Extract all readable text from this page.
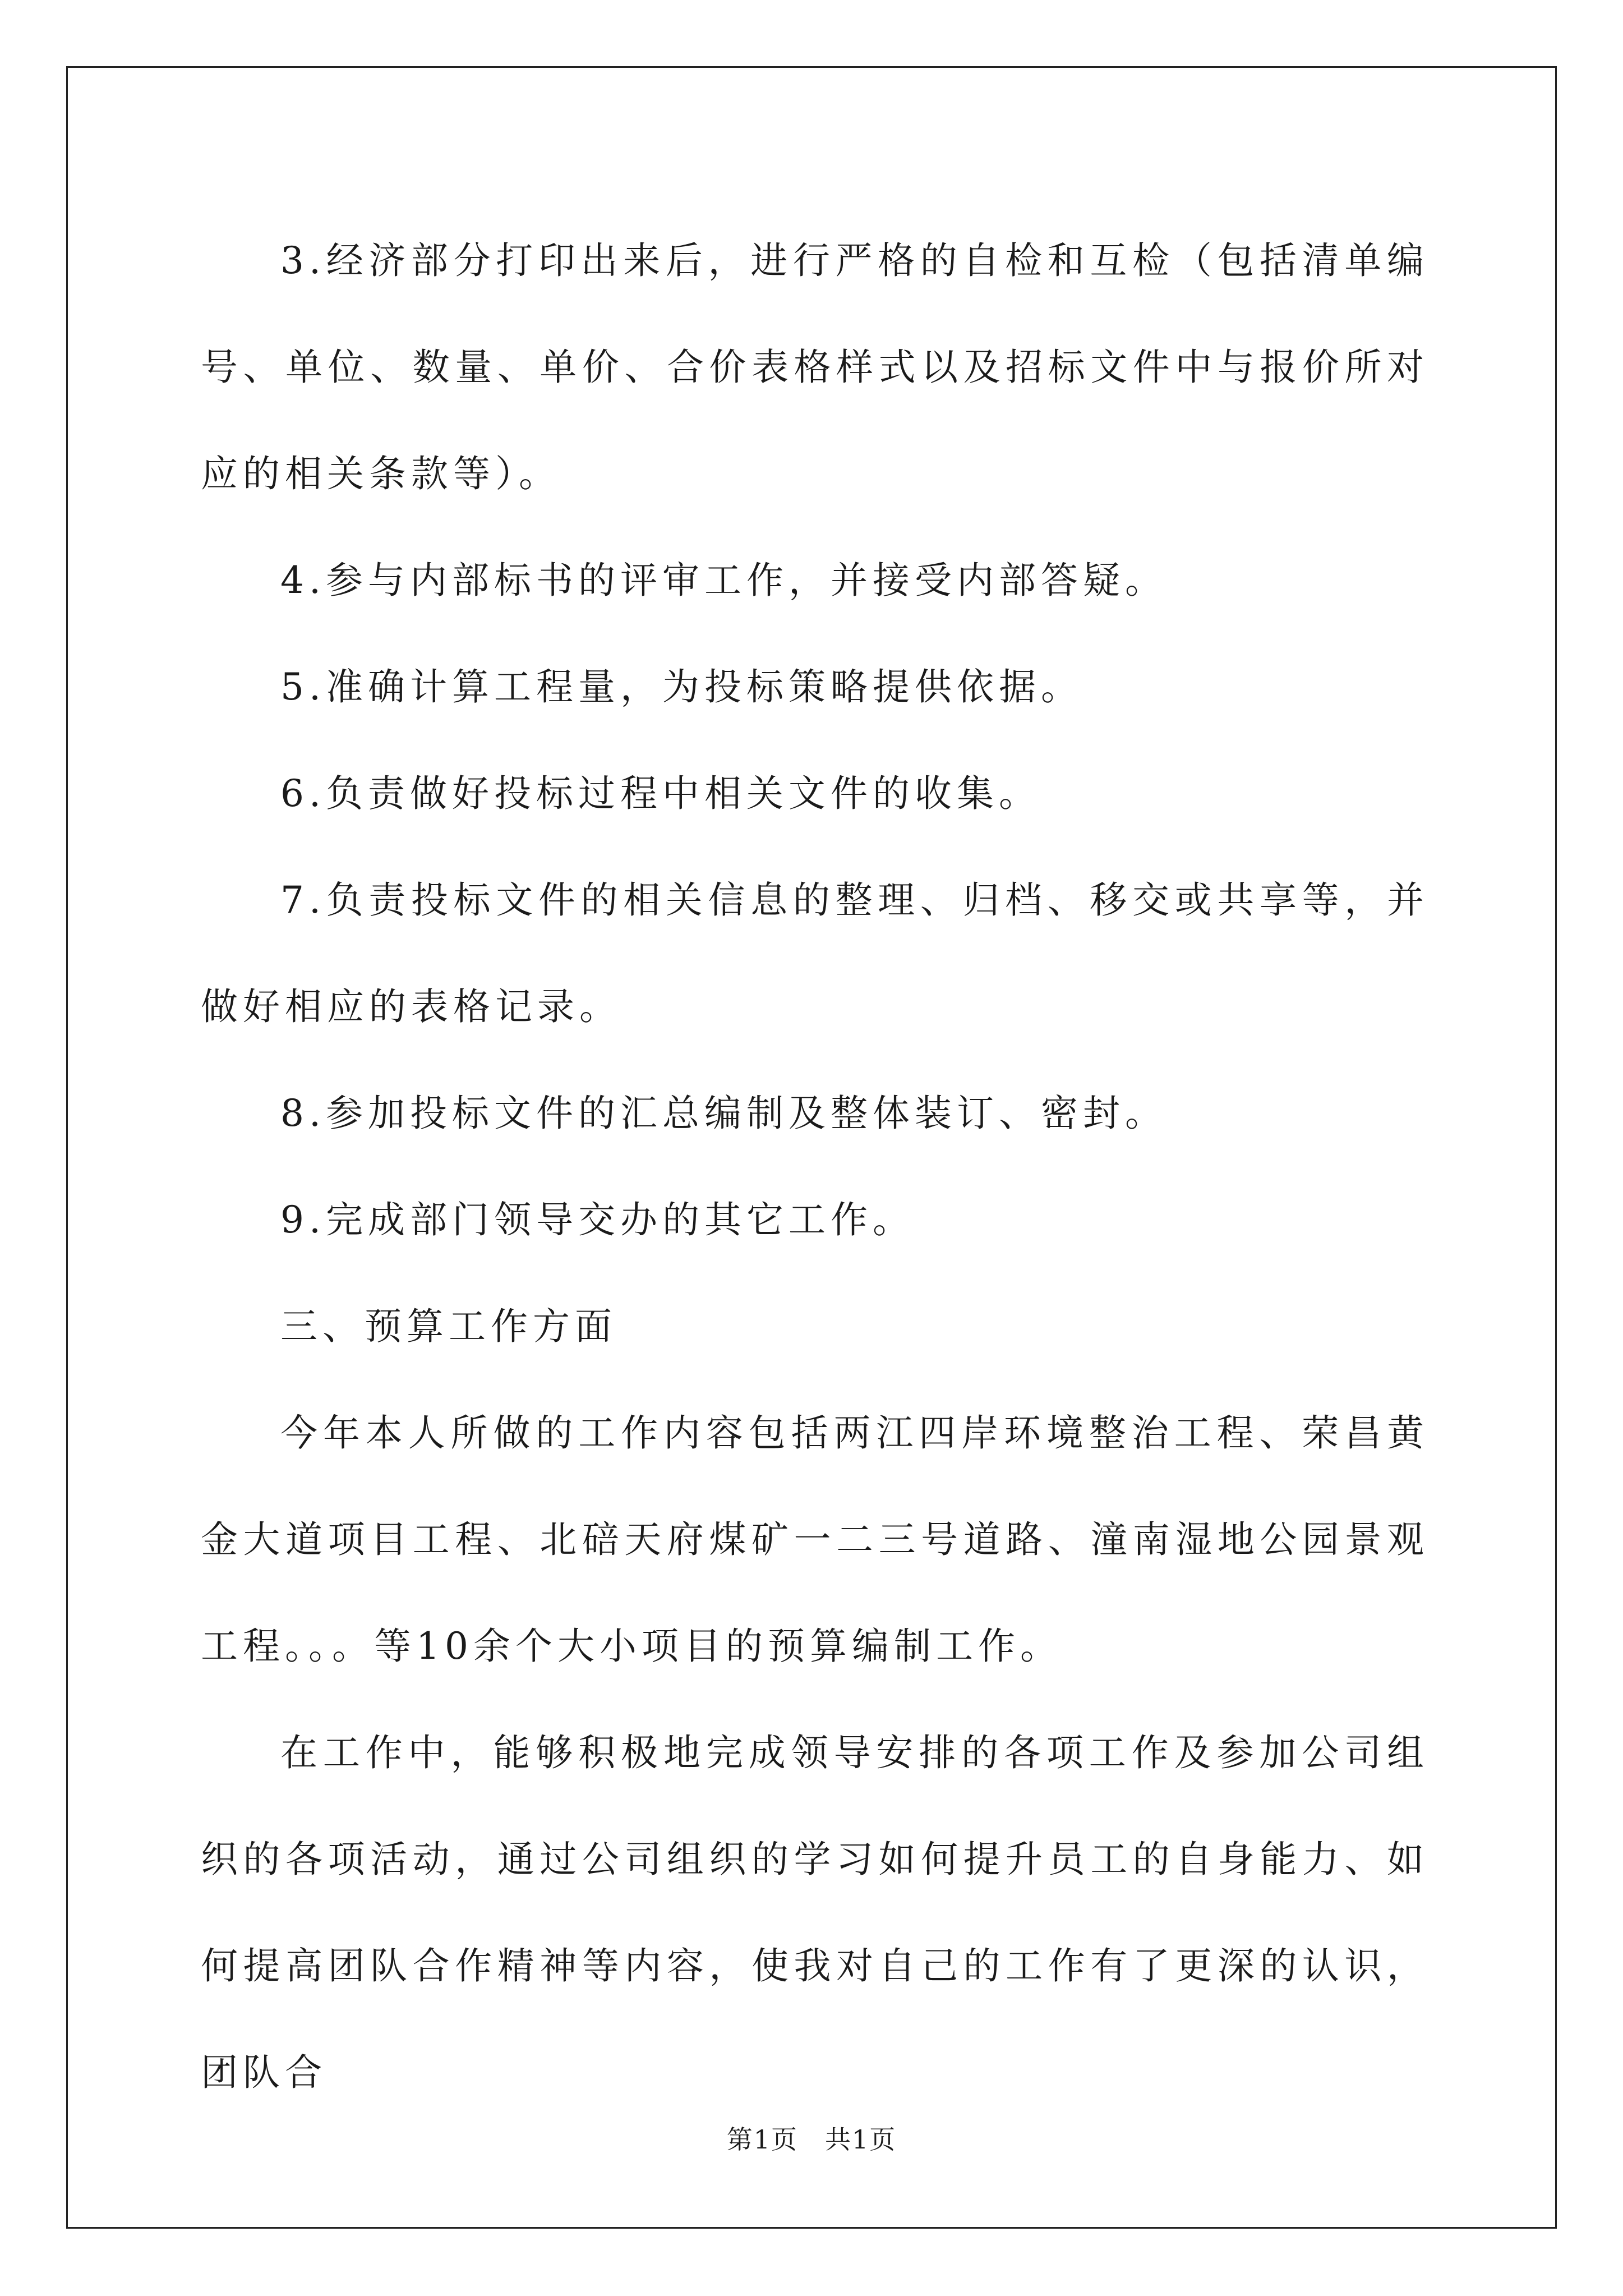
3.经济部分打印出来后，进行严格的自检和互检（包括清单编号、单位、数量、单价、合价表格样式以及招标文件中与报价所对应的相关条款等）。

4.参与内部标书的评审工作，并接受内部答疑。

5.准确计算工程量，为投标策略提供依据。

6.负责做好投标过程中相关文件的收集。

7.负责投标文件的相关信息的整理、归档、移交或共享等，并做好相应的表格记录。

8.参加投标文件的汇总编制及整体装订、密封。

9.完成部门领导交办的其它工作。

三、预算工作方面

今年本人所做的工作内容包括两江四岸环境整治工程、荣昌黄金大道项目工程、北碚天府煤矿一二三号道路、潼南湿地公园景观工程。。。等10余个大小项目的预算编制工作。

在工作中，能够积极地完成领导安排的各项工作及参加公司组织的各项活动，通过公司组织的学习如何提升员工的自身能力、如何提高团队合作精神等内容，使我对自己的工作有了更深的认识，团队合

第1页　共1页
